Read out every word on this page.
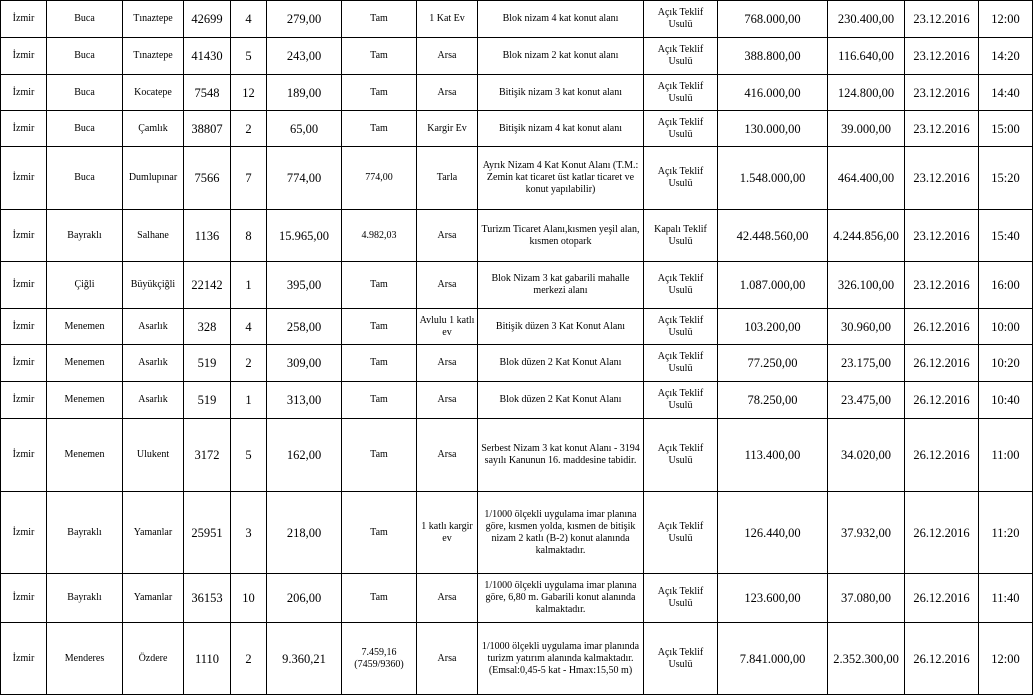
İzmir	Buca	Tınaztepe	42699	4	279,00	Tam	1 Kat Ev	Blok nizam 4 kat konut alanı	Açık Teklif Usulü	768.000,00	230.400,00	23.12.2016	12:00
İzmir	Buca	Tınaztepe	41430	5	243,00	Tam	Arsa	Blok nizam 2 kat konut alanı	Açık Teklif Usulü	388.800,00	116.640,00	23.12.2016	14:20
İzmir	Buca	Kocatepe	7548	12	189,00	Tam	Arsa	Bitişik nizam 3 kat konut alanı	Açık Teklif Usulü	416.000,00	124.800,00	23.12.2016	14:40
İzmir	Buca	Çamlık	38807	2	65,00	Tam	Kargir Ev	Bitişik nizam 4 kat konut alanı	Açık Teklif Usulü	130.000,00	39.000,00	23.12.2016	15:00
İzmir	Buca	Dumlupınar	7566	7	774,00	774,00	Tarla	Ayrık Nizam 4 Kat Konut Alanı (T.M.: Zemin kat ticaret üst katlar ticaret ve konut yapılabilir)	Açık Teklif Usulü	1.548.000,00	464.400,00	23.12.2016	15:20
İzmir	Bayraklı	Salhane	1136	8	15.965,00	4.982,03	Arsa	Turizm Ticaret Alanı,kısmen yeşil alan, kısmen otopark	Kapalı Teklif Usulü	42.448.560,00	4.244.856,00	23.12.2016	15:40
İzmir	Çiğli	Büyükçiğli	22142	1	395,00	Tam	Arsa	Blok Nizam 3 kat gabarili mahalle merkezi alanı	Açık Teklif Usulü	1.087.000,00	326.100,00	23.12.2016	16:00
İzmir	Menemen	Asarlık	328	4	258,00	Tam	Avlulu 1 katlı ev	Bitişik düzen 3 Kat Konut Alanı	Açık Teklif Usulü	103.200,00	30.960,00	26.12.2016	10:00
İzmir	Menemen	Asarlık	519	2	309,00	Tam	Arsa	Blok düzen 2 Kat Konut Alanı	Açık Teklif Usulü	77.250,00	23.175,00	26.12.2016	10:20
İzmir	Menemen	Asarlık	519	1	313,00	Tam	Arsa	Blok düzen 2 Kat Konut Alanı	Açık Teklif Usulü	78.250,00	23.475,00	26.12.2016	10:40
İzmir	Menemen	Ulukent	3172	5	162,00	Tam	Arsa	Serbest Nizam 3 kat konut Alanı - 3194 sayılı Kanunun 16. maddesine tabidir.	Açık Teklif Usulü	113.400,00	34.020,00	26.12.2016	11:00
İzmir	Bayraklı	Yamanlar	25951	3	218,00	Tam	1 katlı kargir ev	1/1000 ölçekli uygulama imar planına göre, kısmen yolda, kısmen de bitişik nizam 2 katlı (B-2) konut alanında kalmaktadır.	Açık Teklif Usulü	126.440,00	37.932,00	26.12.2016	11:20
İzmir	Bayraklı	Yamanlar	36153	10	206,00	Tam	Arsa	1/1000 ölçekli uygulama imar planına göre, 6,80 m. Gabarili konut alanında kalmaktadır.	Açık Teklif Usulü	123.600,00	37.080,00	26.12.2016	11:40
İzmir	Menderes	Özdere	1110	2	9.360,21	7.459,16 (7459/9360)	Arsa	1/1000 ölçekli uygulama imar planında turizm yatırım alanında kalmaktadır. (Emsal:0,45-5 kat - Hmax:15,50 m)	Açık Teklif Usulü	7.841.000,00	2.352.300,00	26.12.2016	12:00
